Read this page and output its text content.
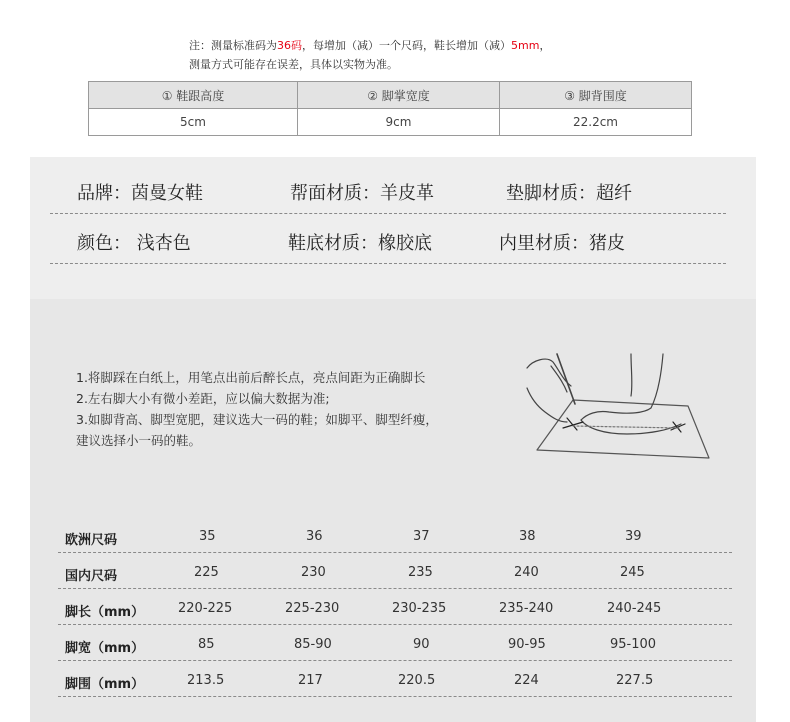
注：测量标准码为36码，每增加（减）一个尺码，鞋长增加（减）5mm，
测量方式可能存在误差，具体以实物为准。
① 鞋跟高度	② 脚掌宽度	③ 脚背围度
5cm	9cm	22.2cm
品牌：茵曼女鞋	帮面材质：羊皮革	垫脚材质：超纤
颜色： 浅杏色	鞋底材质：橡胶底	内里材质：猪皮
1.将脚踩在白纸上，用笔点出前后醉长点，亮点间距为正确脚长
2.左右脚大小有微小差距，应以偏大数据为准;
3.如脚背高、脚型宽肥，建议选大一码的鞋；如脚平、脚型纤瘦，
建议选择小一码的鞋。
欧洲尺码	35	36	37	38	39
国内尺码	225	230	235	240	245
脚长（mm）	220-225	225-230	230-235	235-240	240-245
脚宽（mm）	85	85-90	90	90-95	95-100
脚围（mm）	213.5	217	220.5	224	227.5
